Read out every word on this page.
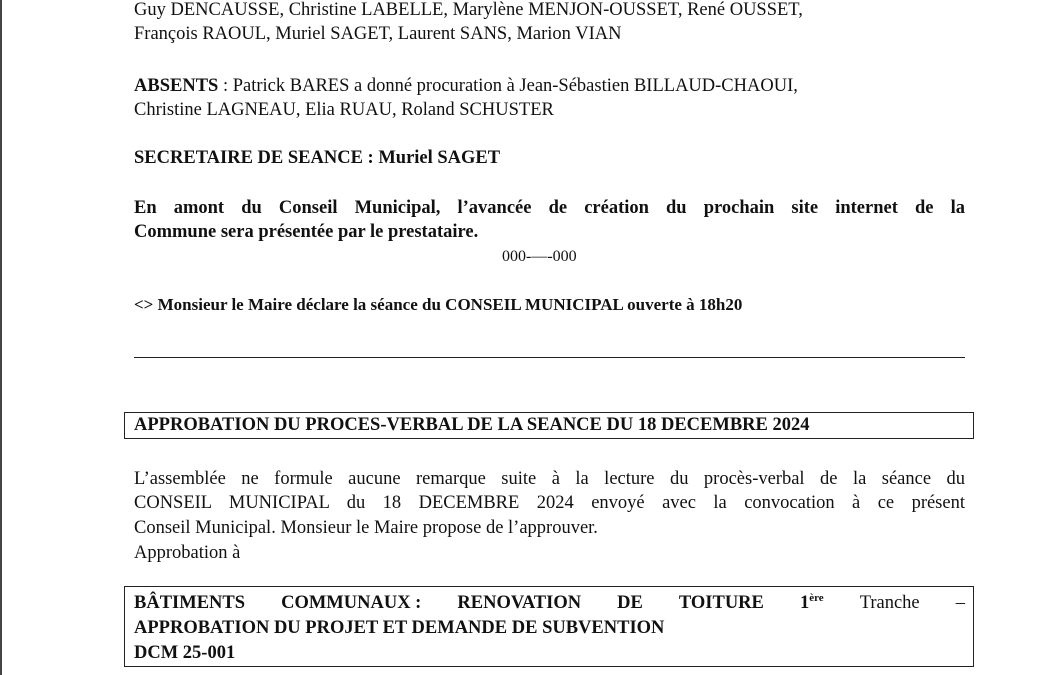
Guy DENCAUSSE, Christine LABELLE, Marylène MENJON-OUSSET, René OUSSET,
François RAOUL, Muriel SAGET, Laurent SANS, Marion VIAN
ABSENTS : Patrick BARES a donné procuration à Jean-Sébastien BILLAUD-CHAOUI,
Christine LAGNEAU, Elia RUAU, Roland SCHUSTER
SECRETAIRE DE SEANCE : Muriel SAGET
En amont du Conseil Municipal, l’avancée de création du prochain site internet de la
Commune sera présentée par le prestataire.
000-—-000
<> Monsieur le Maire déclare la séance du CONSEIL MUNICIPAL ouverte à 18h20
APPROBATION DU PROCES-VERBAL DE LA SEANCE DU 18 DECEMBRE 2024
L’assemblée ne formule aucune remarque suite à la lecture du procès-verbal de la séance du
CONSEIL MUNICIPAL du 18 DECEMBRE 2024 envoyé avec la convocation à ce présent
Conseil Municipal. Monsieur le Maire propose de l’approuver.
Approbation à
BÂTIMENTS COMMUNAUX : RENOVATION DE TOITURE 1ère Tranche –
APPROBATION DU PROJET ET DEMANDE DE SUBVENTION
DCM 25-001
